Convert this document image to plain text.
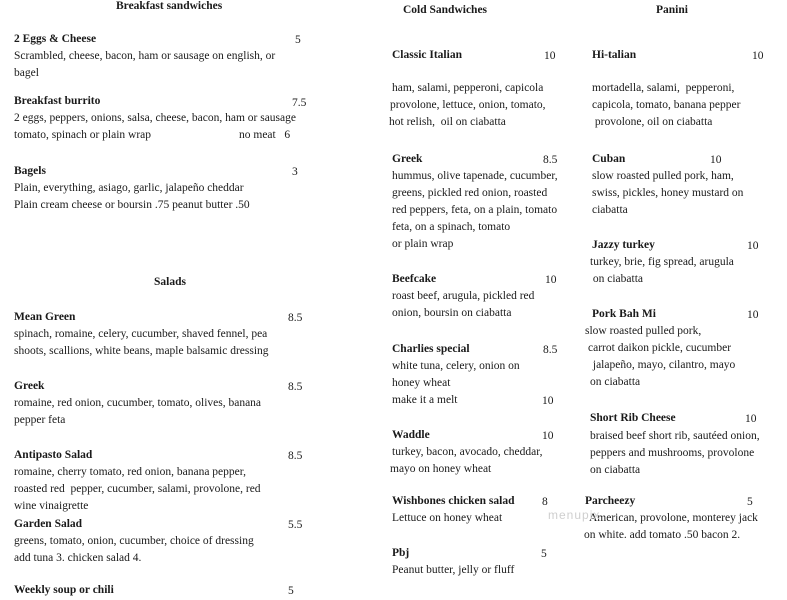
Breakfast sandwiches	Cold Sandwiches	Panini
Salads
2 Eggs & Cheese	5
Scrambled, cheese, bacon, ham or sausage on english, or
bagel
Breakfast burrito	7.5
2 eggs, peppers, onions, salsa, cheese, bacon, ham or sausage
tomato, spinach or plain wrap	no meat   6
Bagels	3
Plain, everything, asiago, garlic, jalapeño cheddar
Plain cream cheese or boursin .75 peanut butter .50
Mean Green	8.5
spinach, romaine, celery, cucumber, shaved fennel, pea
shoots, scallions, white beans, maple balsamic dressing
Greek	8.5
romaine, red onion, cucumber, tomato, olives, banana
pepper feta
Antipasto Salad	8.5
romaine, cherry tomato, red onion, banana pepper,
roasted red  pepper, cucumber, salami, provolone, red
wine vinaigrette
Garden Salad	5.5
greens, tomato, onion, cucumber, choice of dressing
add tuna 3. chicken salad 4.
Weekly soup or chili	5
Classic Italian	10
ham, salami, pepperoni, capicola
provolone, lettuce, onion, tomato,
hot relish,  oil on ciabatta
Greek	8.5
hummus, olive tapenade, cucumber,
greens, pickled red onion, roasted
red peppers, feta, on a plain, tomato
feta, on a spinach, tomato
or plain wrap
Beefcake	10
roast beef, arugula, pickled red
onion, boursin on ciabatta
Charlies special	8.5
white tuna, celery, onion on
honey wheat
make it a melt	10
Waddle	10
turkey, bacon, avocado, cheddar,
mayo on honey wheat
Wishbones chicken salad 8
Lettuce on honey wheat
Pbj	5
Peanut butter, jelly or fluff
Hi-talian	10
mortadella, salami,  pepperoni,
capicola, tomato, banana pepper
provolone, oil on ciabatta
Cuban	10
slow roasted pulled pork, ham,
swiss, pickles, honey mustard on
ciabatta
Jazzy turkey	10
turkey, brie, fig spread, arugula
on ciabatta
Pork Bah Mi	10
slow roasted pulled pork,
carrot daikon pickle, cucumber
jalapeño, mayo, cilantro, mayo
on ciabatta
Short Rib Cheese	10
braised beef short rib, sautéed onion,
peppers and mushrooms, provolone
on ciabatta
Parcheezy	5
American, provolone, monterey jack
on white. add tomato .50 bacon 2.
menupix
